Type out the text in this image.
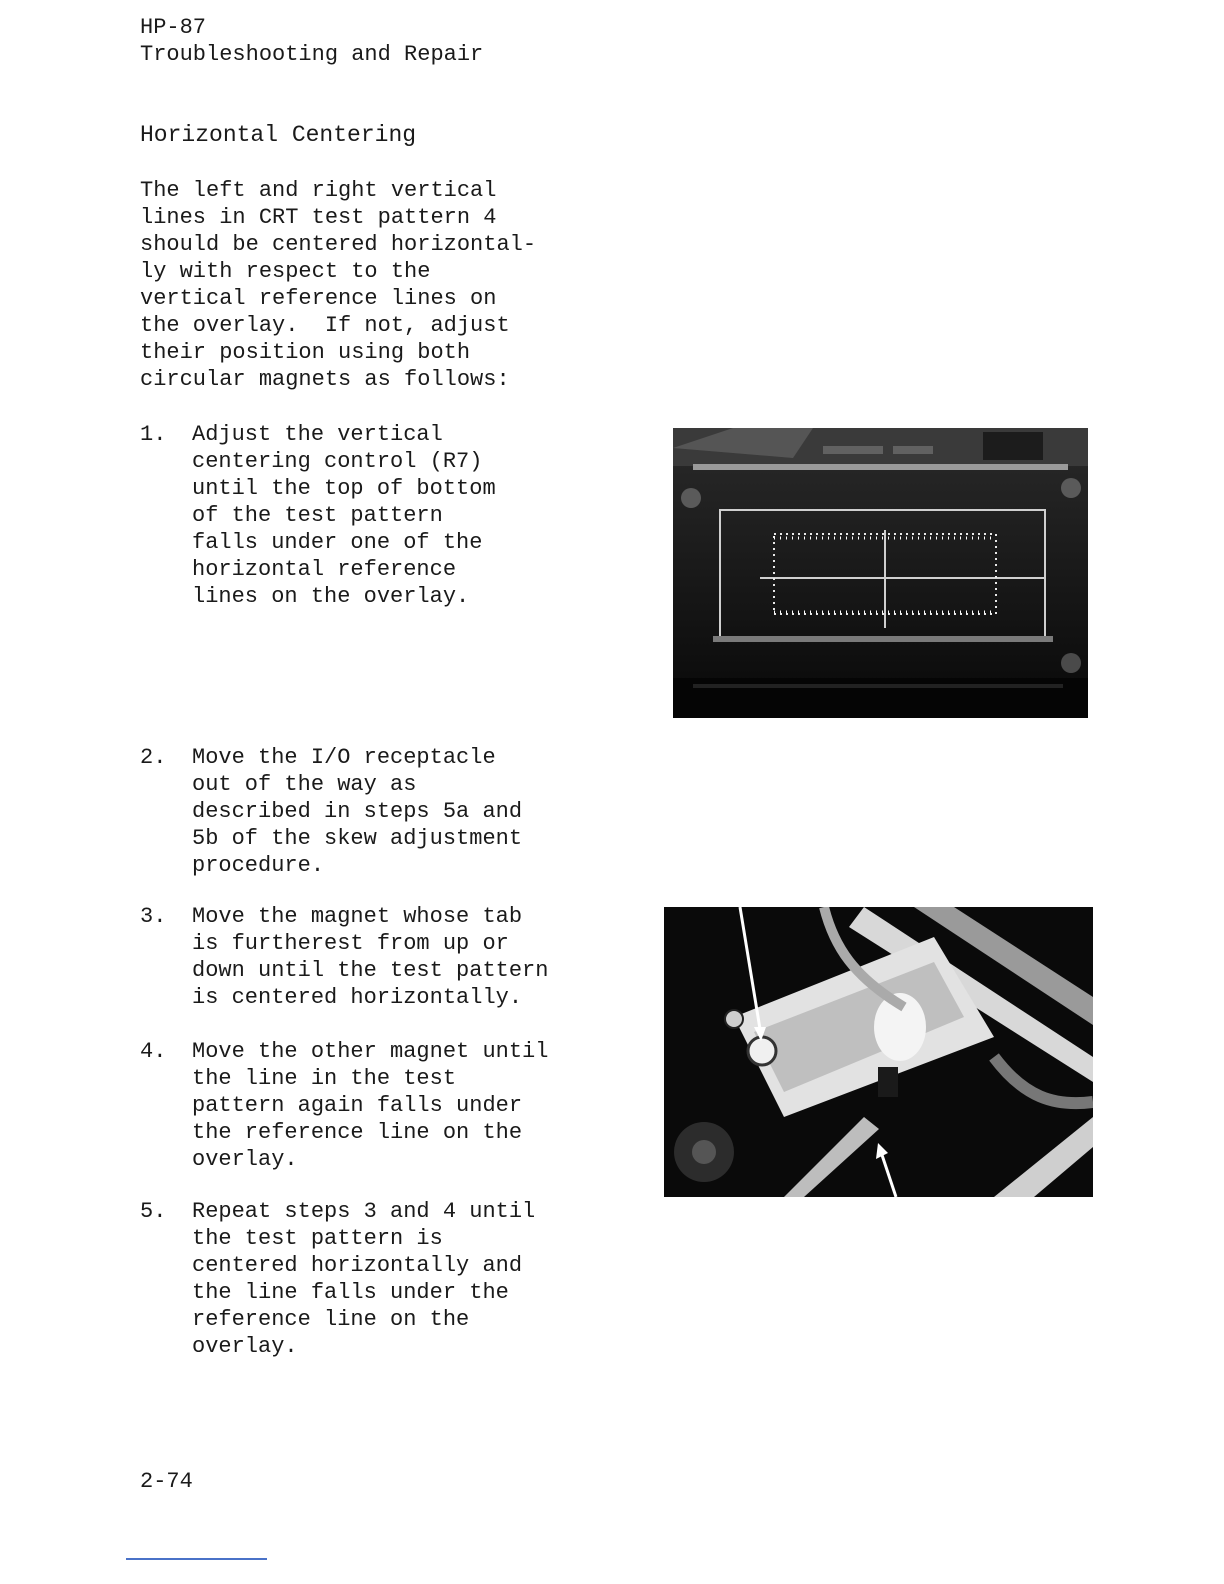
HP-87
Troubleshooting and Repair
Horizontal Centering
The left and right vertical
lines in CRT test pattern 4
should be centered horizontal-
ly with respect to the
vertical reference lines on
the overlay.  If not, adjust
their position using both
circular magnets as follows:
1. Adjust the vertical
centering control (R7)
until the top of bottom
of the test pattern
falls under one of the
horizontal reference
lines on the overlay.
2. Move the I/O receptacle
out of the way as
described in steps 5a and
5b of the skew adjustment
procedure.
3. Move the magnet whose tab
is furtherest from up or
down until the test pattern
is centered horizontally.
4. Move the other magnet until
the line in the test
pattern again falls under
the reference line on the
overlay.
5. Repeat steps 3 and 4 until
the test pattern is
centered horizontally and
the line falls under the
reference line on the
overlay.
2-74
